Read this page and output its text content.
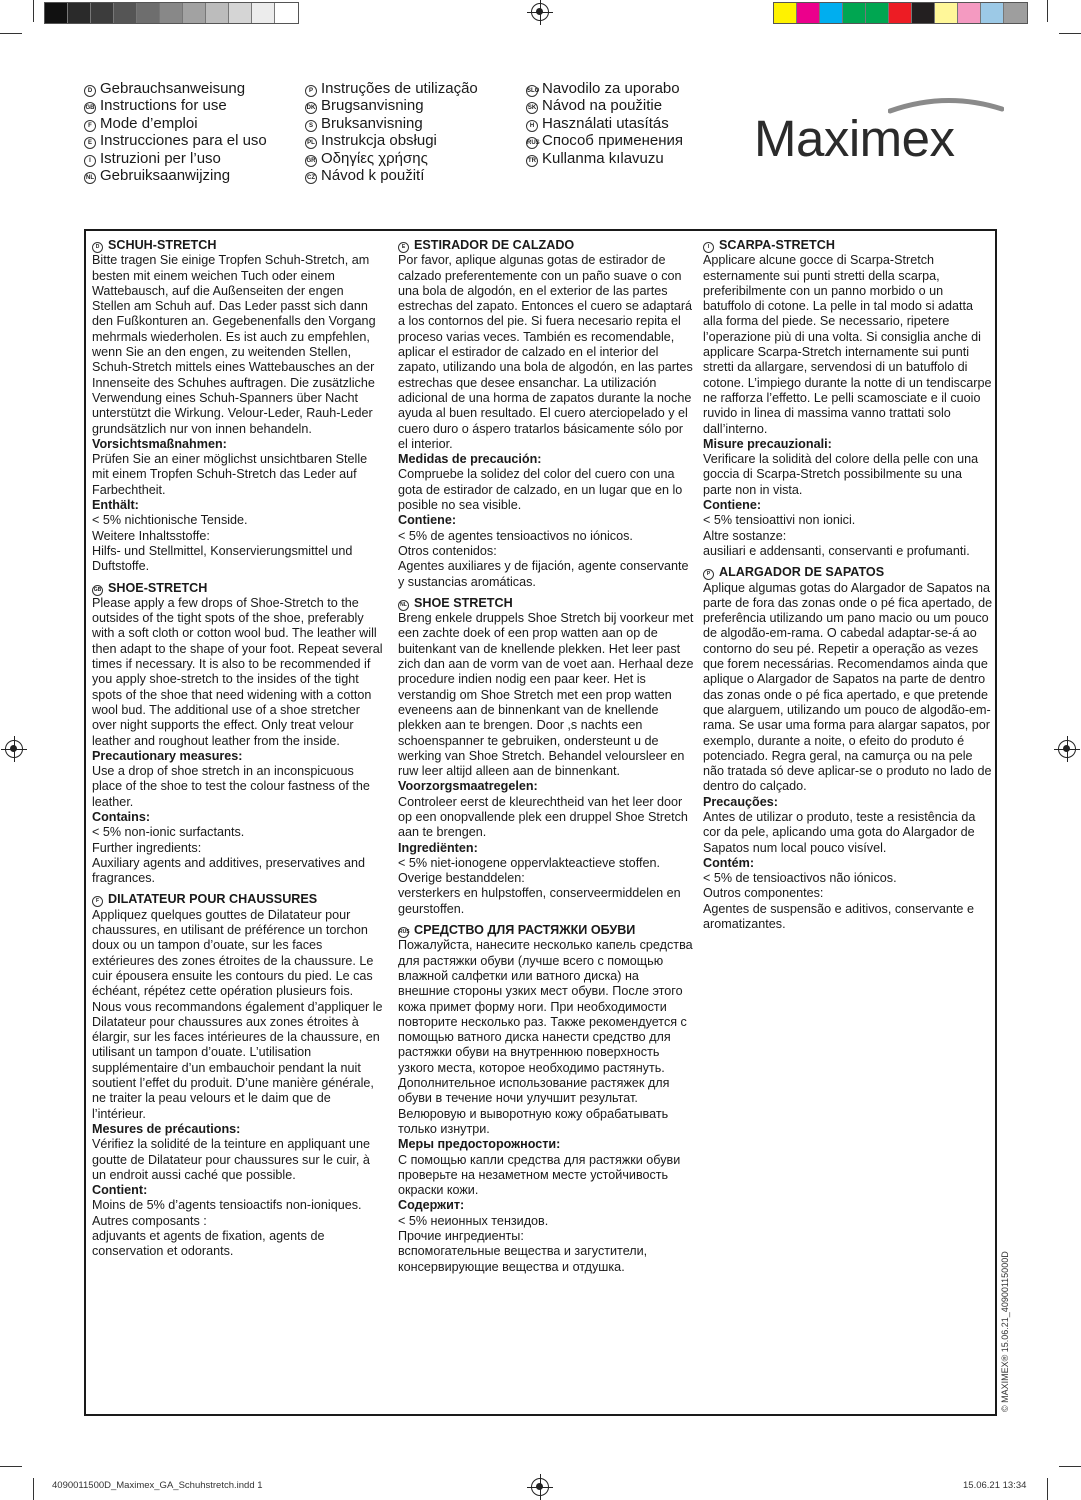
D Gebrauchsanweisung
GB Instructions for use
F Mode d’emploi
E Instrucciones para el uso
I Istruzioni per l’uso
NL Gebruiksaanwijzing
P Instruções de utilização
DK Brugsanvisning
S Bruksanvisning
PL Instrukcja obsługi
GR Οδηγίες χρήσης
CZ Návod k použití
SLO Navodilo za uporabo
SK Návod na použitie
H Használati utasítás
RUS Способ применения
TR Kullanma kılavuzu	Maximex
D SCHUH-STRETCH

Bitte tragen Sie einige Tropfen Schuh-Stretch, am besten mit einem weichen Tuch oder einem Wattebausch, auf die Außenseiten der engen Stellen am Schuh auf. Das Leder passt sich dann den Fußkonturen an. Gegebenenfalls den Vorgang mehrmals wiederholen. Es ist auch zu empfehlen, wenn Sie an den engen, zu weitenden Stellen, Schuh-Stretch mittels eines Wattebausches an der Innenseite des Schuhes auftragen. Die zusätzliche Verwendung eines Schuh-Spanners über Nacht unterstützt die Wirkung. Velour-Leder, Rauh-Leder grundsätzlich nur von innen behandeln.

Vorsichtsmaßnahmen:

Prüfen Sie an einer möglichst unsichtbaren Stelle mit einem Tropfen Schuh-Stretch das Leder auf Farbechtheit.

Enthält:

< 5% nichtionische Tenside.

Weitere Inhaltsstoffe:

Hilfs- und Stellmittel, Konservierungsmittel und Duftstoffe.

GB SHOE-STRETCH

Please apply a few drops of Shoe-Stretch to the outsides of the tight spots of the shoe, preferably with a soft cloth or cotton wool bud. The leather will then adapt to the shape of your foot. Repeat several times if necessary. It is also to be recommended if you apply shoe-stretch to the insides of the tight spots of the shoe that need widening with a cotton wool bud. The additional use of a shoe stretcher over night supports the effect. Only treat velour leather and roughout leather from the inside.

Precautionary measures:

Use a drop of shoe stretch in an inconspicuous place of the shoe to test the colour fastness of the leather.

Contains:

< 5% non-ionic surfactants.

Further ingredients:

Auxiliary agents and additives, preservatives and fragrances.

F DILATATEUR POUR CHAUSSURES

Appliquez quelques gouttes de Dilatateur pour chaussures, en utilisant de préférence un torchon doux ou un tampon d’ouate, sur les faces extérieures des zones étroites de la chaussure. Le cuir épousera ensuite les contours du pied. Le cas échéant, répétez cette opération plusieurs fois. Nous vous recommandons également d’appliquer le Dilatateur pour chaussures aux zones étroites à élargir, sur les faces intérieures de la chaussure, en utilisant un tampon d’ouate. L’utilisation supplémentaire d’un embauchoir pendant la nuit soutient l’effet du produit. D’une manière générale, ne traiter la peau velours et le daim que de l’intérieur.

Mesures de précautions:

Vérifiez la solidité de la teinture en appliquant une goutte de Dilatateur pour chaussures sur le cuir, à un endroit aussi caché que possible.

Contient:

Moins de 5% d’agents tensioactifs non-ioniques.

Autres composants :

adjuvants et agents de fixation, agents de conservation et odorants.

E ESTIRADOR DE CALZADO

Por favor, aplique algunas gotas de estirador de calzado preferentemente con un paño suave o con una bola de algodón, en el exterior de las partes estrechas del zapato. Entonces el cuero se adaptará a los contornos del pie. Si fuera necesario repita el proceso varias veces. También es recomendable, aplicar el estirador de calzado en el interior del zapato, utilizando una bola de algodón, en las partes estrechas que desee ensanchar. La utilización adicional de una horma de zapatos durante la noche ayuda al buen resultado. El cuero aterciopelado y el cuero duro o áspero tratarlos básicamente sólo por el interior.

Medidas de precaución:

Compruebe la solidez del color del cuero con una gota de estirador de calzado, en un lugar que en lo posible no sea visible.

Contiene:

< 5% de agentes tensioactivos no iónicos.

Otros contenidos:

Agentes auxiliares y de fijación, agente conservante y sustancias aromáticas.

NL SHOE STRETCH

Breng enkele druppels Shoe Stretch bij voorkeur met een zachte doek of een prop watten aan op de buitenkant van de knellende plekken. Het leer past zich dan aan de vorm van de voet aan. Herhaal deze procedure indien nodig een paar keer. Het is verstandig om Shoe Stretch met een prop watten eveneens aan de binnenkant van de knellende plekken aan te brengen. Door ,s nachts een schoenspanner te gebruiken, ondersteunt u de werking van Shoe Stretch. Behandel veloursleer en ruw leer altijd alleen aan de binnenkant.

Voorzorgsmaatregelen:

Controleer eerst de kleurechtheid van het leer door op een onopvallende plek een druppel Shoe Stretch aan te brengen.

Ingrediënten:

< 5% niet-ionogene oppervlakteactieve stoffen.

Overige bestanddelen:

versterkers en hulpstoffen, conserveermiddelen en geurstoffen.

RUS СРЕДСТВО ДЛЯ РАСТЯЖКИ ОБУВИ

Пожалуйста, нанесите несколько капель средства для растяжки обуви (лучше всего с помощью влажной салфетки или ватного диска) на внешние стороны узких мест обуви. После этого кожа примет форму ноги. При необходимости повторите несколько раз. Также рекомендуется с помощью ватного диска нанести средство для растяжки обуви на внутреннюю поверхность узкого места, которое необходимо растянуть. Дополнительное использование растяжек для обуви в течение ночи улучшит результат. Велюровую и выворотную кожу обрабатывать только изнутри.

Меры предосторожности:

С помощью капли средства для растяжки обуви проверьте на незаметном месте устойчивость окраски кожи.

Содержит:

< 5% неионных тензидов.

Прочие ингредиенты:

вспомогательные вещества и загустители, консервирующие вещества и отдушка.

I SCARPA-STRETCH

Applicare alcune gocce di Scarpa-Stretch esternamente sui punti stretti della scarpa, preferibilmente con un panno morbido o un batuffolo di cotone. La pelle in tal modo si adatta alla forma del piede. Se necessario, ripetere l’operazione più di una volta. Si consiglia anche di applicare Scarpa-Stretch internamente sui punti stretti da allargare, servendosi di un batuffolo di cotone. L’impiego durante la notte di un tendiscarpe ne rafforza l’effetto. Le pelli scamosciate e il cuoio ruvido in linea di massima vanno trattati solo dall’interno.

Misure precauzionali:

Verificare la solidità del colore della pelle con una goccia di Scarpa-Stretch possibilmente su una parte non in vista.

Contiene:

< 5% tensioattivi non ionici.

Altre sostanze:

ausiliari e addensanti, conservanti e profumanti.

P ALARGADOR DE SAPATOS

Aplique algumas gotas do Alargador de Sapatos na parte de fora das zonas onde o pé fica apertado, de preferência utilizando um pano macio ou um pouco de algodão-em-rama. O cabedal adaptar-se-á ao contorno do seu pé. Repetir a operação as vezes que forem necessárias. Recomendamos ainda que aplique o Alargador de Sapatos na parte de dentro das zonas onde o pé fica apertado, e que pretende que alarguem, utilizando um pouco de algodão-em-rama. Se usar uma forma para alargar sapatos, por exemplo, durante a noite, o efeito do produto é potenciado. Regra geral, na camurça ou na pele não tratada só deve aplicar-se o produto no lado de dentro do calçado.

Precauções:

Antes de utilizar o produto, teste a resistência da cor da pele, aplicando uma gota do Alargador de Sapatos num local pouco visível.

Contém:

< 5% de tensioactivos não iónicos.

Outros componentes:

Agentes de suspensão e aditivos, conservante e aromatizantes.

© MAXIMEX® 15.06.21_40900115000D
4090011500D_Maximex_GA_Schuhstretch.indd 1	15.06.21 13:34
